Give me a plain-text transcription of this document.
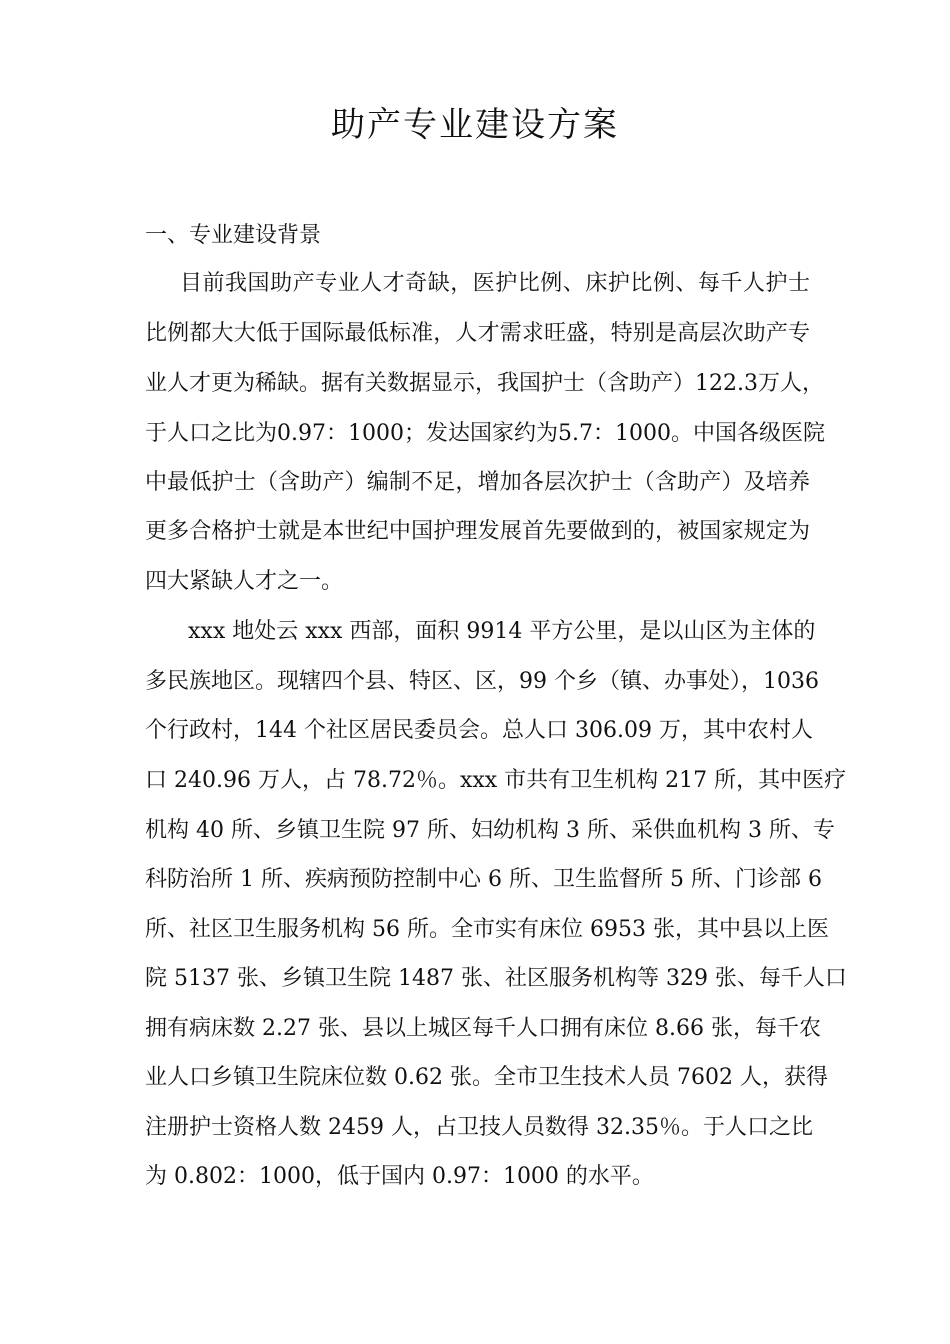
助产专业建设方案
一、专业建设背景

目前我国助产专业人才奇缺，医护比例、床护比例、每千人护士

比例都大大低于国际最低标准，人才需求旺盛，特别是高层次助产专

业人才更为稀缺。据有关数据显示，我国护士（含助产）122.3万人，

于人口之比为0.97：1000；发达国家约为5.7：1000。中国各级医院

中最低护士（含助产）编制不足，增加各层次护士（含助产）及培养

更多合格护士就是本世纪中国护理发展首先要做到的，被国家规定为

四大紧缺人才之一。

xxx 地处云 xxx 西部，面积 9914 平方公里，是以山区为主体的

多民族地区。现辖四个县、特区、区，99 个乡（镇、办事处），1036

个行政村，144 个社区居民委员会。总人口 306.09 万，其中农村人

口 240.96 万人，占 78.72％。xxx 市共有卫生机构 217 所，其中医疗

机构 40 所、乡镇卫生院 97 所、妇幼机构 3 所、采供血机构 3 所、专

科防治所 1 所、疾病预防控制中心 6 所、卫生监督所 5 所、门诊部 6

所、社区卫生服务机构 56 所。全市实有床位 6953 张，其中县以上医

院 5137 张、乡镇卫生院 1487 张、社区服务机构等 329 张、每千人口

拥有病床数 2.27 张、县以上城区每千人口拥有床位 8.66 张，每千农

业人口乡镇卫生院床位数 0.62 张。全市卫生技术人员 7602 人，获得

注册护士资格人数 2459 人，占卫技人员数得 32.35％。于人口之比

为 0.802：1000，低于国内 0.97：1000 的水平。
